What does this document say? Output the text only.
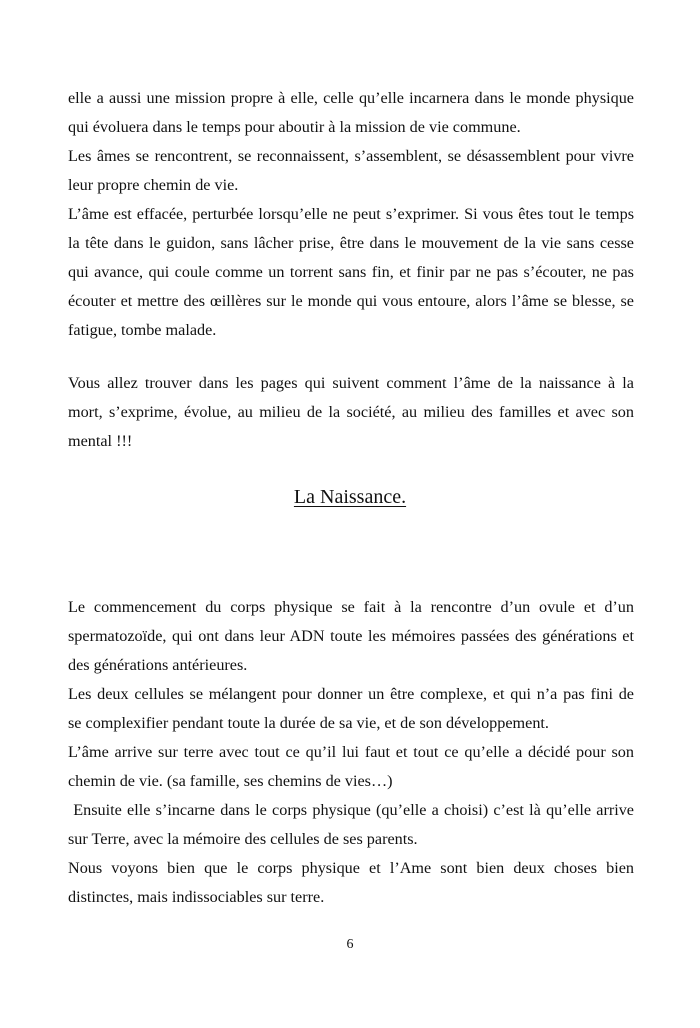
elle a aussi une mission propre à elle, celle qu’elle incarnera dans le monde physique
qui évoluera dans le temps pour aboutir à la mission de vie commune.
Les âmes se rencontrent, se reconnaissent, s’assemblent, se désassemblent pour vivre
leur propre chemin de vie.
L’âme est effacée, perturbée lorsqu’elle ne peut s’exprimer. Si vous êtes tout le temps
la tête dans le guidon, sans lâcher prise, être dans le mouvement de la vie sans cesse
qui avance, qui coule comme un torrent sans fin, et finir par ne pas s’écouter, ne pas
écouter et mettre des œillères sur le monde qui vous entoure, alors l’âme se blesse, se
fatigue, tombe malade.
Vous allez trouver dans les pages qui suivent comment l’âme de la naissance à la
mort, s’exprime, évolue, au milieu de la société, au milieu des familles et avec son
mental !!!
La Naissance.
Le commencement du corps physique se fait à la rencontre d’un ovule et d’un
spermatozoïde, qui ont dans leur ADN toute les mémoires passées des générations et
des générations antérieures.
Les deux cellules se mélangent pour donner un être complexe, et qui n’a pas fini de
se complexifier pendant toute la durée de sa vie, et de son développement.
L’âme arrive sur terre avec tout ce qu’il lui faut et tout ce qu’elle a décidé pour son
chemin de vie. (sa famille, ses chemins de vies…)
Ensuite elle s’incarne dans le corps physique (qu’elle a choisi) c’est là qu’elle arrive
sur Terre, avec la mémoire des cellules de ses parents.
Nous voyons bien que le corps physique et l’Ame sont bien deux choses bien
distinctes, mais indissociables sur terre.
6
